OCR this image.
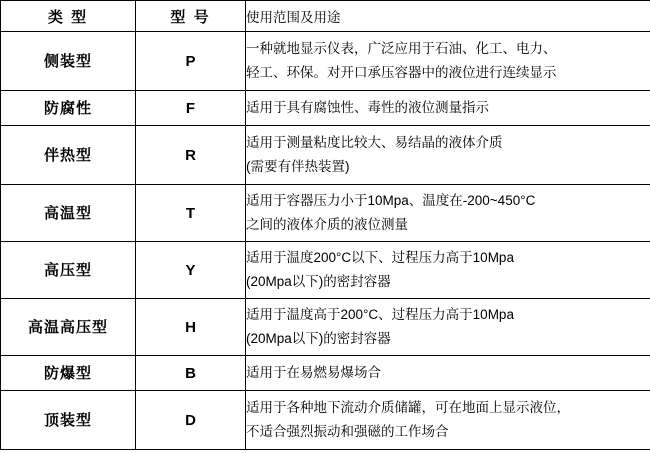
类 型	型 号	使用范围及用途
侧装型	P	一种就地显示仪表，广泛应用于石油、化工、电力、
轻工、环保。对开口承压容器中的液位进行连续显示

防腐性	F	适用于具有腐蚀性、毒性的液位测量指示

伴热型	R	适用于测量粘度比较大、易结晶的液体介质
(需要有伴热装置)

高温型	T	适用于容器压力小于10Mpa、温度在-200~450°C
之间的液体介质的液位测量

高压型	Y	适用于温度200°C以下、过程压力高于10Mpa
(20Mpa以下)的密封容器

高温高压型	H	适用于温度高于200°C、过程压力高于10Mpa
(20Mpa以下)的密封容器

防爆型	B	适用于在易燃易爆场合

顶装型	D	适用于各种地下流动介质储罐，可在地面上显示液位，
不适合强烈振动和强磁的工作场合
